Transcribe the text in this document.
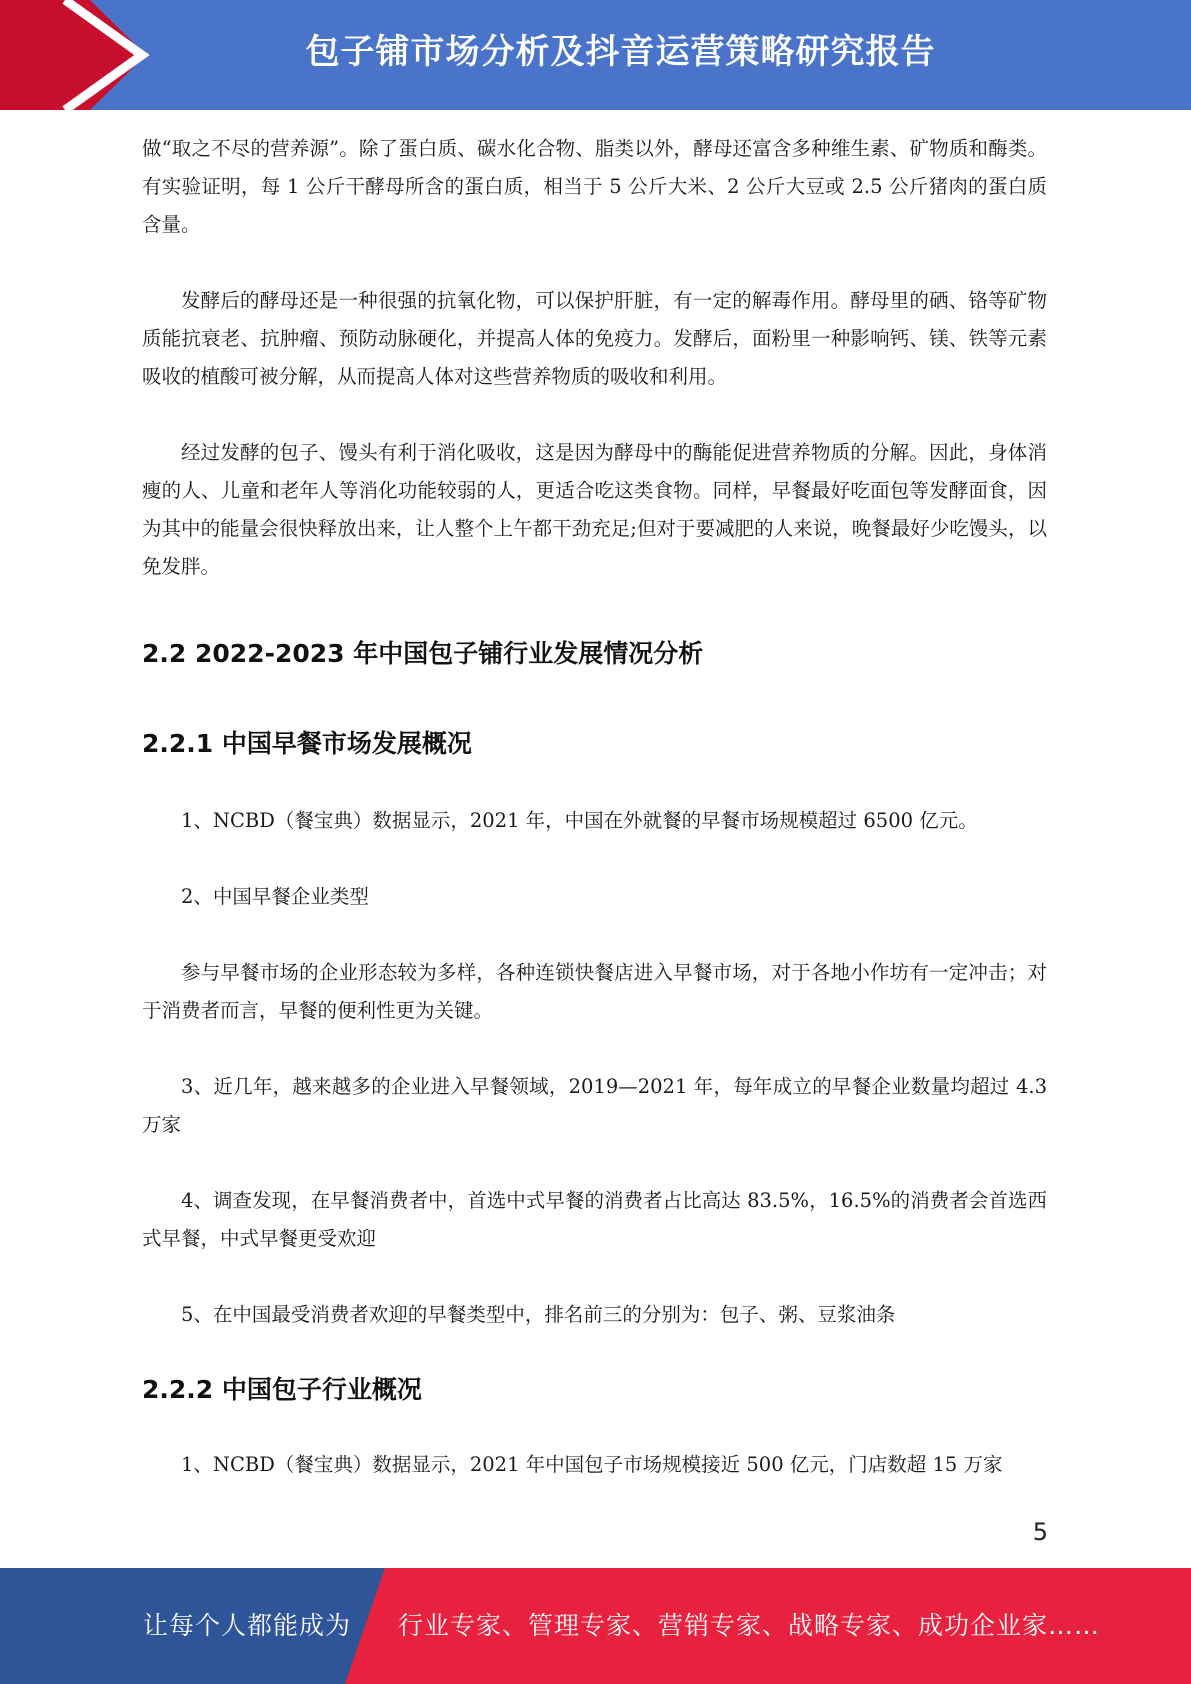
包子铺市场分析及抖音运营策略研究报告

做“取之不尽的营养源”。除了蛋白质、碳水化合物、脂类以外，酵母还富含多种维生素、矿物质和酶类。有实验证明，每 1 公斤干酵母所含的蛋白质，相当于 5 公斤大米、2 公斤大豆或 2.5 公斤猪肉的蛋白质含量。

发酵后的酵母还是一种很强的抗氧化物，可以保护肝脏，有一定的解毒作用。酵母里的硒、铬等矿物质能抗衰老、抗肿瘤、预防动脉硬化，并提高人体的免疫力。发酵后，面粉里一种影响钙、镁、铁等元素吸收的植酸可被分解，从而提高人体对这些营养物质的吸收和利用。

经过发酵的包子、馒头有利于消化吸收，这是因为酵母中的酶能促进营养物质的分解。因此，身体消瘦的人、儿童和老年人等消化功能较弱的人，更适合吃这类食物。同样，早餐最好吃面包等发酵面食，因为其中的能量会很快释放出来，让人整个上午都干劲充足;但对于要减肥的人来说，晚餐最好少吃馒头，以免发胖。

2.2 2022-2023 年中国包子铺行业发展情况分析
2.2.1 中国早餐市场发展概况

1、NCBD（餐宝典）数据显示，2021 年，中国在外就餐的早餐市场规模超过 6500 亿元。

2、中国早餐企业类型

参与早餐市场的企业形态较为多样，各种连锁快餐店进入早餐市场，对于各地小作坊有一定冲击；对于消费者而言，早餐的便利性更为关键。

3、近几年，越来越多的企业进入早餐领域，2019—2021 年，每年成立的早餐企业数量均超过 4.3 万家

4、调查发现，在早餐消费者中，首选中式早餐的消费者占比高达 83.5%，16.5%的消费者会首选西式早餐，中式早餐更受欢迎

5、在中国最受消费者欢迎的早餐类型中，排名前三的分别为：包子、粥、豆浆油条

2.2.2 中国包子行业概况

1、NCBD（餐宝典）数据显示，2021 年中国包子市场规模接近 500 亿元，门店数超 15 万家

5
让每个人都能成为 行业专家、管理专家、营销专家、战略专家、成功企业家……
